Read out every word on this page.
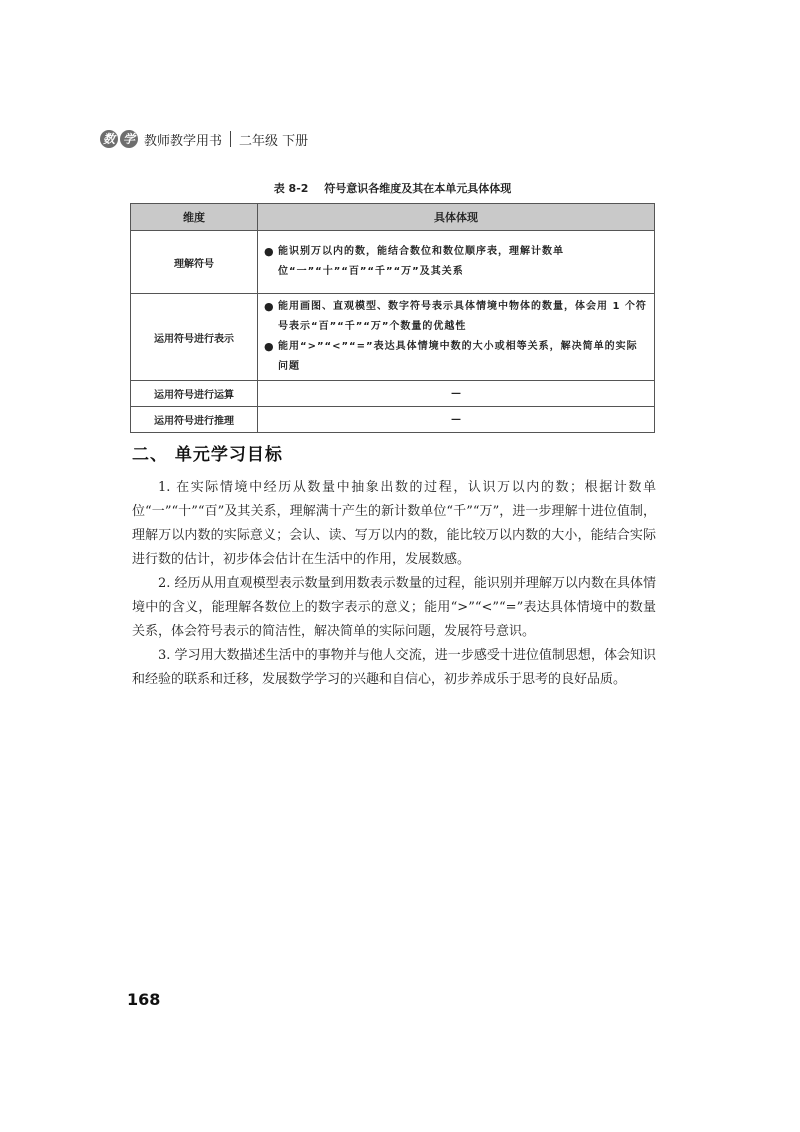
数 学 教师教学用书 二年级 下册
表 8-2 符号意识各维度及其在本单元具体体现
维度	具体体现
理解符号	● 能识别万以内的数，能结合数位和数位顺序表，理解计数单位“一”“十”“百”“千”“万”及其关系

运用符号进行表示	● 能用画图、直观模型、数字符号表示具体情境中物体的数量，体会用 1 个符号表示“百”“千”“万”个数量的优越性
● 能用“>”“<”“=”表达具体情境中数的大小或相等关系，解决简单的实际问题

运用符号进行运算	—
运用符号进行推理	—
二、 单元学习目标

1. 在实际情境中经历从数量中抽象出数的过程，认识万以内的数；根据计数单位“一”“十”“百”及其关系，理解满十产生的新计数单位“千”“万”，进一步理解十进位值制，理解万以内数的实际意义；会认、读、写万以内的数，能比较万以内数的大小，能结合实际进行数的估计，初步体会估计在生活中的作用，发展数感。

2. 经历从用直观模型表示数量到用数表示数量的过程，能识别并理解万以内数在具体情境中的含义，能理解各数位上的数字表示的意义；能用“>”“<”“=”表达具体情境中的数量关系，体会符号表示的简洁性，解决简单的实际问题，发展符号意识。

3. 学习用大数描述生活中的事物并与他人交流，进一步感受十进位值制思想，体会知识和经验的联系和迁移，发展数学学习的兴趣和自信心，初步养成乐于思考的良好品质。

168
